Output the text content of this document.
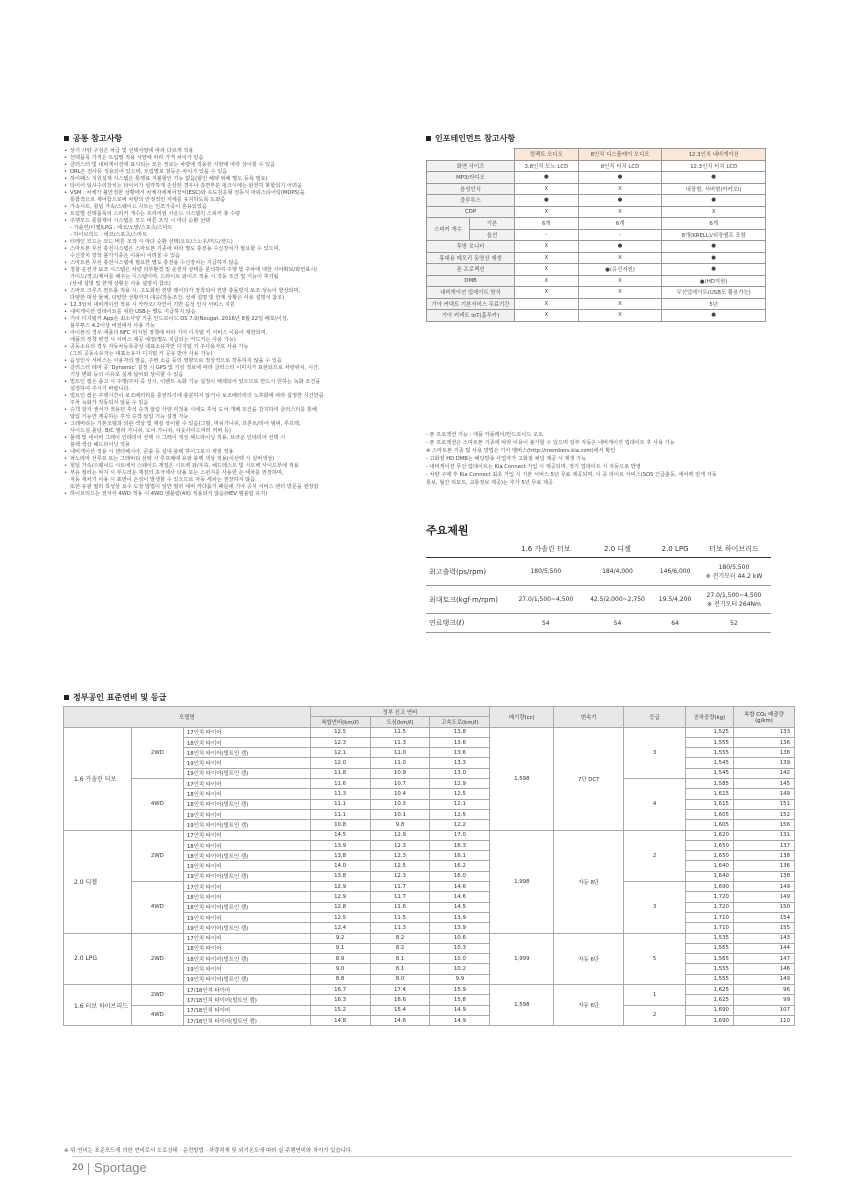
공통 참고사항
• 상기 사양 구성은 차급 및 선택사양에 따라 다르게 적용
• 선택품목 가격은 트림별 적용 사양에 따라 가격 차이가 있음
• 클러스터 및 내비게이션에 표시되는 모든 정보는 차량에 적용된 사양에 따라 상이할 수 있음
• DRL은 전사등 적용되어 있으며, 트림별로 점등은 차이가 있을 수 있음
• 하이패스 지원설계 시스템은 통행료 지불할인 기능 없음(할인 혜택 위해 별도 등록 필요)
• 타이어 임시수리장치는 타이어가 심각하게 손상된 경우나 측면부분 펑크시에는 완전히 봉합되기 어려움
• VSM : 차체가 불안정한 상황에서 차체자세제어장치(ESC)와 속도감응형 전동식 파워스티어링(MDPS)을
통합적으로 제어함으로써 차량의 안정적인 자세를 유지하도록 도와줌
• 가속시트, 힐팁 가속/스웨이드 시트는 인조가죽이 혼용되었음
• 트림별 선택품목의 스피커 개수는 프리미엄 사운드 시스템의 스피커 총 수량
• 주행모드 통합제어 시스템은 모드 버튼 조작 시 마다 순환 선택
- 가솔린/디젤/LPG : 에코/노말/스포츠/스마트
- 하이브리드 : 에코/스포츠/스마트
• 터레인 모드는 모드 버튼 조작 시 마다 순환 선택(오토/스노우/머드/샌드)
• 스마트폰 무선 충전시스템은 스마트폰 기종에 따라 별도 충전용 수신장치가 필요할 수 있으며,
수신장치 장착 불가기종은 이용이 어려울 수 있음
• 스마트폰 무선 충전시스템에 필요한 별도 충전용 수신장치는 지급하지 않음
• 정찰 운전자 보조 시스템은 차량 외부환경 및 운전자 상태를 분석하여 주행 및 주차에 대한 시야확보/화면표시/
가이드/경고/제어를 해주는 시스템이며, 드라이브 와이즈 적용 시 작동 조건 및 기능이 추가됨
(상세 설명 및 한계 상황은 사용 설명서 참조)
• 스마트 크루즈 컨트롤 적용 시, 고도화된 전방 레이더가 장착되어 전방 충돌방지 보조 성능이 향상되며,
다양한 대상 물체, 다양한 상황까지 대응(작동조건, 상세 설명 및 한계 상황은 사용 설명서 참조)
• 12.3인치 내비게이션 적용 시 카카오i 자연어 기반 음성 인식 서비스 지원
• 내비게이션 업데이트를 위한 USB는 별도 지급하지 않음
• 기아 디지털키 App은 최소사양 기준 안드로이드 OS 7.0(Nougat, 2016년 8월 22일 배포)이상,
블루투스 4.2이상 버전에서 사용 가능
• 아이폰의 경우 애플의 NFC 미지원 정책에 따라 기아 디지털 키 서비스 이용이 제한되며,
애플의 정책 변경 시 서비스 제공 예정(별도 지급되는 카드키는 사용 가능)
• 공동소유의 경우 자동차등록증상 대표소유자만 디지털 키 주사용자로 사용 가능
(그외 공동소유자는 대표소유자 디지털 키 공유 받아 사용 가능)
• 음성인식 서비스는 사용자의 발음, 주변 소음 등의 영향으로 정상적으로 작동하지 않을 수 있음
• 클러스터 테마 중 'Dynamic' 설정 시 GPS 및 기상 정보에 따라 클러스터 이미지가 표현되므로 차량위치, 시간,
기상 변화 등의 이유로 실제 날씨와 상이할 수 있음
• 빌트인 캠은 출고 시 주행/주차 중 상시, 이벤트 녹화 기능 설정이 해제되어 있으므로 반드시 원하는 녹화 조건을
설정하여 주시기 바랍니다.
• 빌트인 캠은 주행시간이 보조배터리를 충전하기에 충분하지 않거나 보조배터리의 노후화에 따라 설정한 시간만큼
주차 녹화가 작동되지 않을 수 있음
• 승객 감지 센서가 적용된 후석 승객 알림 사양 미적용 시에도 후석 도어 개폐 조건을 감지하여 클러스터를 통해
알림 기능만 제공하는 후석 승객 알림 기능 설정 가능
• 그래비티는 기본모델과 외관 색상 및 재질 상이할 수 있음(그릴, 머쉬가니쉬, 프론트/리어 범퍼, 루프랙,
사이드실 몰딩, B/C 필라 가니쉬, 도어 가니쉬, 아웃사이드미러 커버 등)
• 블랙 및 네이비 그레이 인테리어 선택 시 그레이 색상 헤드라이닝 적용, 브라운 인테리어 선택 시
블랙 색상 헤드라이닝 적용
• 내비게이션 적용 시 센터페시아, 콘솔 등 실내 블랙 하이그로시 재질 적용
• 파노라마 선루프 또는 그래비티 선택 시 루프패에 유광 블랙 색상 적용(이선택 시 실버색상)
• 힐팁 가속/스웨이드 시트에서 스웨이드 재질은 시트백 좌/우측, 헤드레스트 및 시트백 사이드부에 적용
• 부유 컬러는 써지 시 부드러운 재질의 초극세사 타올 또는 스펀지를 사용한 손 세차를 권장하며,
자동 세차기 이용 시 표면이 손상이 발생할 수 있으므로 자동 세차는 권장하지 않음.
또한 유광 컬러 특성상 보수 도장 방법이 일반 컬러 대비 까다롭기 때문에 기아 공식 서비스 센터 방문을 권장함
• 하이브리드는 전자식 4WD 적용 시 4WD 엠블럼(4X) 적용되지 않음(HEV 엠블럼 유지)
인포테인먼트 참고사항
		컴팩트 오디오	8인치 디스플레이 오디오	12.3인치 내비게이션
화면 사이즈		3.8인치 모노 LCD	8인치 터치 LCD	12.3인치 터치 LCD
MP3/라디오		●	●	●
음성인식		X	X	내장형, 서버형(카카오i)
블루투스		●	●	●
CDP		X	X	X
스피커 개수	기본	6개	6개	6개
	옵션	-	-	8개(KRELL)/외장앰프 포함
후방 모니터		X	●	●
휴대용 메모리 동영상 재생		X	X	●
폰 프로젝션		X	●(유선지원)	●
DMB		X	X	●(HD지원)
내비게이션 업데이트 방식		X	X	무선업데이트(USB도 활용가능)
기아 커넥트 기본서비스 무료기간		X	X	5년
기아 커넥트 IoT(홈투카)		X	X	●
- 폰 프로젝션 기능 : 애플 카플레이/안드로이드 오토
- 폰 프로젝션은 스마트폰 기종에 따라 이용이 불가할 수 있으며 일부 자동은 내비게이션 업데이트 후 사용 가능
※ 스마트폰 기종 및 사용 방법은 기아 멤버스(http://members.kia.com)에서 확인
- 고화질 HD DMB는 해당방송 사업자가 고화질 채널 제공 시 재생 가능
- 내비게이션 무선 업데이트는 Kia Connect 가입 시 제공되며, 정기 업데이트 시 자동으로 반영
- 차량 구매 후 Kia Connect 최초 가입 시 기본 서비스 5년 무료 제공되며, 이 중 라이트 서비스(SOS 긴급출동, 에어백 전개 자동
통보, 월간 리포트, 교통정보 제공)는 추가 5년 무료 제공
주요제원
	1.6 가솔린 터보	2.0 디젤	2.0 LPG	터보 하이브리드
최고출력(ps/rpm)	180/5,500	184/4,000	146/6,000	180/5,500
※ 전기모터 44.2 kW

최대토크(kgf·m/rpm)	27.0/1,500~4,500	42.5/2,000~2,750	19.5/4,200	27.0/1,500~4,500
※ 전기모터 264Nm

연료탱크(ℓ)	54	54	64	52
정부공인 표준연비 및 등급
모델명			정부 신고 연비			배기량(cc)	변속기	등급	공차중량(kg)	복합 CO₂ 배출량 (g/km)
			복합연비(km/ℓ)	도심(km/ℓ)	고속도로(km/ℓ)					
1.6 가솔린 터보	2WD	17인치 타이어	12.5	11.5	13.8	1,598	7단 DCT	3	1,525	133
		18인치 타이어	12.3	11.3	13.6				1,555	136
		18인치 타이어(빌트인 캠)	12.1	11.0	13.6				1,555	138
		19인치 타이어	12.0	11.0	13.3				1,545	139
		19인치 타이어(빌트인 캠)	11.8	10.9	13.0				1,545	142
	4WD	17인치 타이어	11.6	10.7	12.9			4	1,585	145
		18인치 타이어	11.3	10.4	12.5				1,615	149
		18인치 타이어(빌트인 캠)	11.1	10.3	12.1				1,615	151
		19인치 타이어	11.1	10.1	12.5				1,605	152
		19인치 타이어(빌트인 캠)	10.8	9.8	12.2				1,605	156
2.0 디젤	2WD	17인치 타이어	14.5	12.9	17.0	1,998	자동 8단	2	1,620	131
		18인치 타이어	13.9	12.3	16.3				1,650	137
		18인치 타이어(빌트인 캠)	13.8	12.3	16.1				1,650	138
		19인치 타이어	14.0	12.5	16.2				1,640	136
		19인치 타이어(빌트인 캠)	13.8	12.3	16.0				1,640	138
	4WD	17인치 타이어	12.9	11.7	14.6			3	1,690	149
		18인치 타이어	12.9	11.7	14.6				1,720	149
		18인치 타이어(빌트인 캠)	12.8	11.6	14.5				1,720	150
		19인치 타이어	12.5	11.5	13.9				1,710	154
		19인치 타이어(빌트인 캠)	12.4	11.3	13.9				1,710	155
2.0 LPG	2WD	17인치 타이어	9.2	8.2	10.6	1,999	자동 6단	5	1,535	143
		18인치 타이어	9.1	8.2	10.3				1,565	144
		18인치 타이어(빌트인 캠)	8.9	8.1	10.0				1,565	147
		19인치 타이어	9.0	8.1	10.2				1,555	146
		19인치 타이어(빌트인 캠)	8.8	8.0	9.9				1,555	149
1.6 터보 하이브리드	2WD	17/18인치 타이어	16.7	17.4	15.9	1,598	자동 6단	1	1,625	96
		17/18인치 타이어(빌트인 캠)	16.3	16.6	15.8				1,625	99
	4WD	17/18인치 타이어	15.2	15.4	14.9			2	1,690	107
		17/18인치 타이어(빌트인 캠)	14.8	14.6	14.9				1,690	110
※ 위 연비는 표준모드에 의한 연비로서 도로상태 · 운전방법 · 차량적재 및 외기온도에 따라 실 주행연비와 차이가 있습니다.
20 Sportage
